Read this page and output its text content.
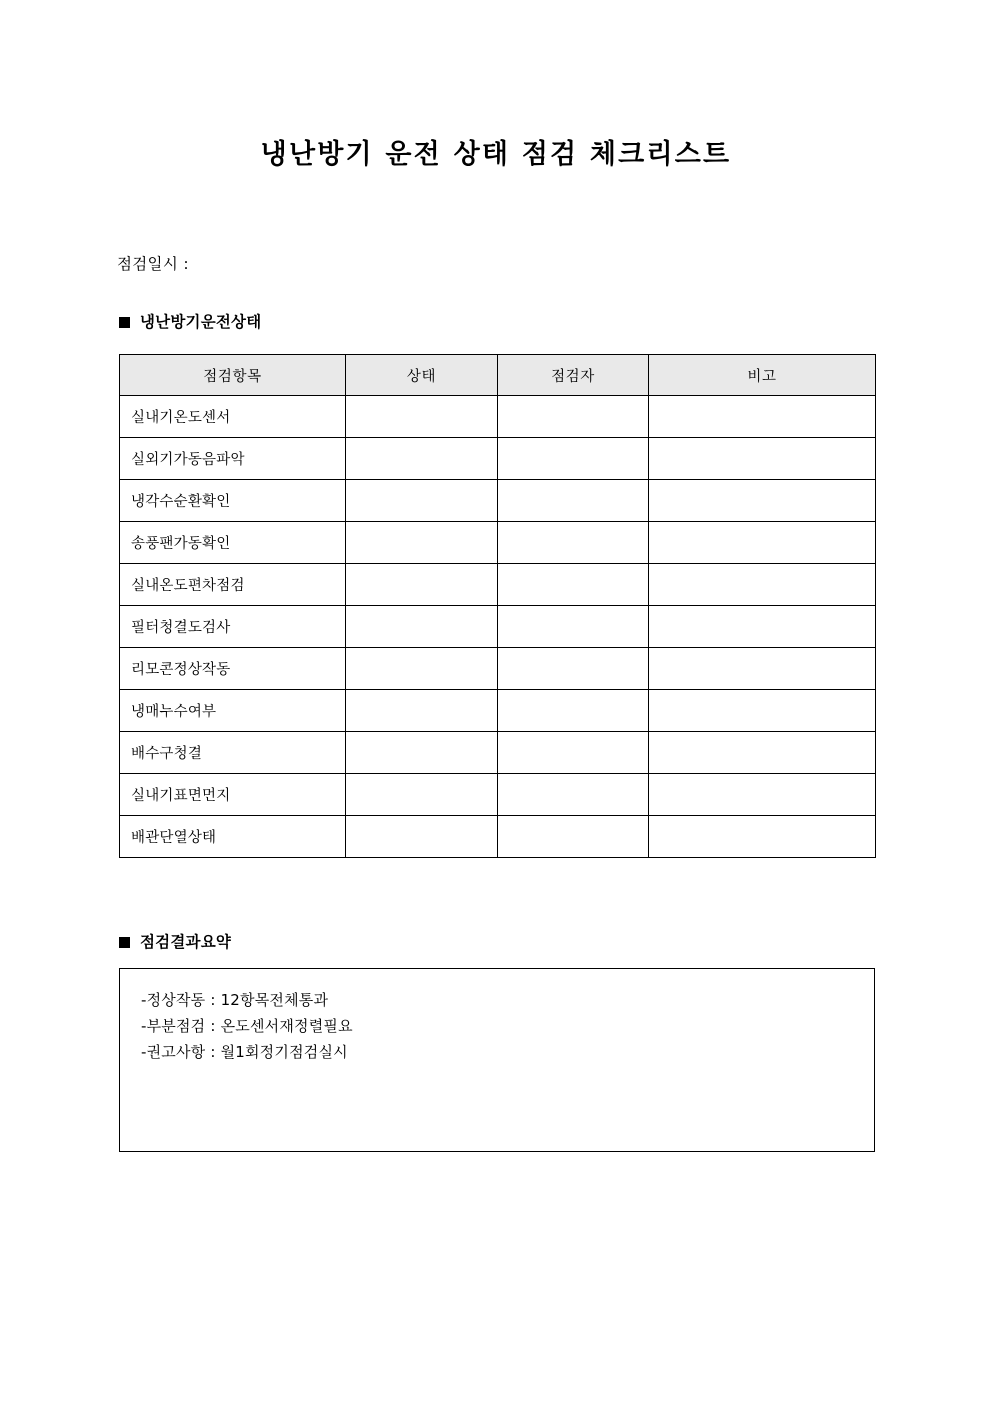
냉난방기 운전 상태 점검 체크리스트
점검일시 :
냉난방기운전상태
점검항목	상태	점검자	비고
실내기온도센서			
실외기가동음파악			
냉각수순환확인			
송풍팬가동확인			
실내온도편차점검			
필터청결도검사			
리모콘정상작동			
냉매누수여부			
배수구청결			
실내기표면먼지			
배관단열상태			
점검결과요약
-정상작동 : 12항목전체통과
-부분점검 : 온도센서재정렬필요
-권고사항 : 월1회정기점검실시
